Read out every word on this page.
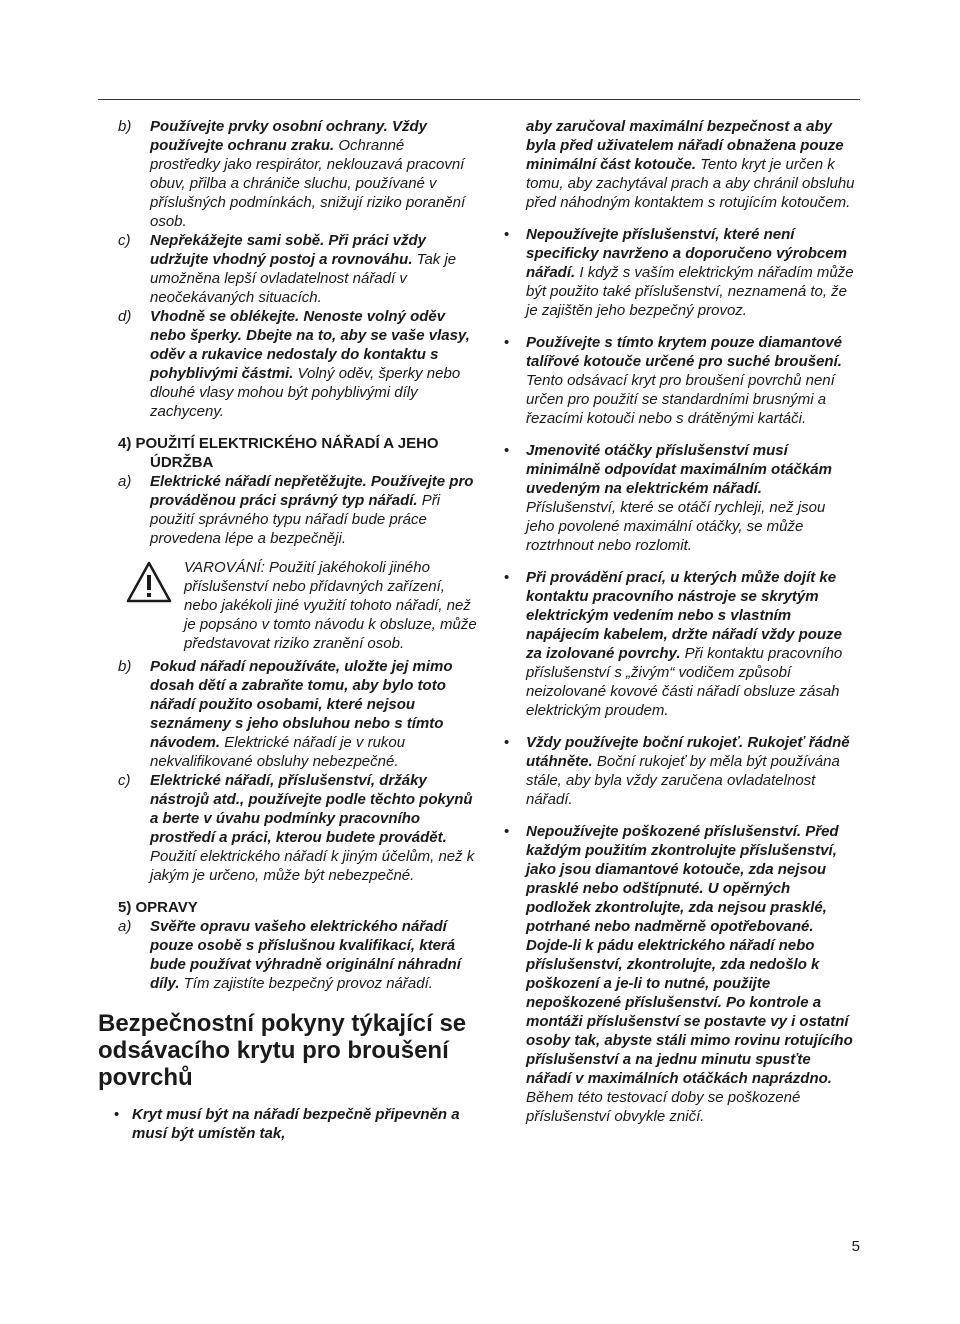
b) Používejte prvky osobní ochrany. Vždy používejte ochranu zraku. Ochranné prostředky jako respirátor, neklouzavá pracovní obuv, přilba a chrániče sluchu, používané v příslušných podmínkách, snižují riziko poranění osob.
c) Nepřekážejte sami sobě. Při práci vždy udržujte vhodný postoj a rovnováhu. Tak je umožněna lepší ovladatelnost nářadí v neočekávaných situacích.
d) Vhodně se oblékejte. Nenoste volný oděv nebo šperky. Dbejte na to, aby se vaše vlasy, oděv a rukavice nedostaly do kontaktu s pohyblivými částmi. Volný oděv, šperky nebo dlouhé vlasy mohou být pohyblivými díly zachyceny.
4) POUŽITÍ ELEKTRICKÉHO NÁŘADÍ A JEHO
ÚDRŽBA
a) Elektrické nářadí nepřetěžujte. Používejte pro prováděnou práci správný typ nářadí. Při použití správného typu nářadí bude práce provedena lépe a bezpečněji.
VAROVÁNÍ: Použití jakéhokoli jiného příslušenství nebo přídavných zařízení, nebo jakékoli jiné využití tohoto nářadí, než je popsáno v tomto návodu k obsluze, může představovat riziko zranění osob.
b) Pokud nářadí nepoužíváte, uložte jej mimo dosah dětí a zabraňte tomu, aby bylo toto nářadí použito osobami, které nejsou seznámeny s jeho obsluhou nebo s tímto návodem. Elektrické nářadí je v rukou nekvalifikované obsluhy nebezpečné.
c) Elektrické nářadí, příslušenství, držáky nástrojů atd., používejte podle těchto pokynů a berte v úvahu podmínky pracovního prostředí a práci, kterou budete provádět. Použití elektrického nářadí k jiným účelům, než k jakým je určeno, může být nebezpečné.
5) OPRAVY
a) Svěřte opravu vašeho elektrického nářadí pouze osobě s příslušnou kvalifikací, která bude používat výhradně originální náhradní díly. Tím zajistíte bezpečný provoz nářadí.
Bezpečnostní pokyny týkající se odsávacího krytu pro broušení povrchů
• Kryt musí být na nářadí bezpečně připevněn a musí být umístěn tak,
aby zaručoval maximální bezpečnost a aby byla před uživatelem nářadí obnažena pouze minimální část kotouče. Tento kryt je určen k tomu, aby zachytával prach a aby chránil obsluhu před náhodným kontaktem s rotujícím kotoučem.
• Nepoužívejte příslušenství, které není specificky navrženo a doporučeno výrobcem nářadí. I když s vaším elektrickým nářadím může být použito také příslušenství, neznamená to, že je zajištěn jeho bezpečný provoz.
• Používejte s tímto krytem pouze diamantové talířové kotouče určené pro suché broušení. Tento odsávací kryt pro broušení povrchů není určen pro použití se standardními brusnými a řezacími kotouči nebo s drátěnými kartáči.
• Jmenovité otáčky příslušenství musí minimálně odpovídat maximálním otáčkám uvedeným na elektrickém nářadí. Příslušenství, které se otáčí rychleji, než jsou jeho povolené maximální otáčky, se může roztrhnout nebo rozlomit.
• Při provádění prací, u kterých může dojít ke kontaktu pracovního nástroje se skrytým elektrickým vedením nebo s vlastním napájecím kabelem, držte nářadí vždy pouze za izolované povrchy. Při kontaktu pracovního příslušenství s „živým“ vodičem způsobí neizolované kovové části nářadí obsluze zásah elektrickým proudem.
• Vždy používejte boční rukojeť. Rukojeť řádně utáhněte. Boční rukojeť by měla být používána stále, aby byla vždy zaručena ovladatelnost nářadí.
• Nepoužívejte poškozené příslušenství. Před každým použitím zkontrolujte příslušenství, jako jsou diamantové kotouče, zda nejsou prasklé nebo odštípnuté. U opěrných podložek zkontrolujte, zda nejsou prasklé, potrhané nebo nadměrně opotřebované. Dojde-li k pádu elektrického nářadí nebo příslušenství, zkontrolujte, zda nedošlo k poškození a je-li to nutné, použijte nepoškozené příslušenství. Po kontrole a montáži příslušenství se postavte vy i ostatní osoby tak, abyste stáli mimo rovinu rotujícího příslušenství a na jednu minutu spusťte nářadí v maximálních otáčkách naprázdno. Během této testovací doby se poškozené příslušenství obvykle zničí.
5
